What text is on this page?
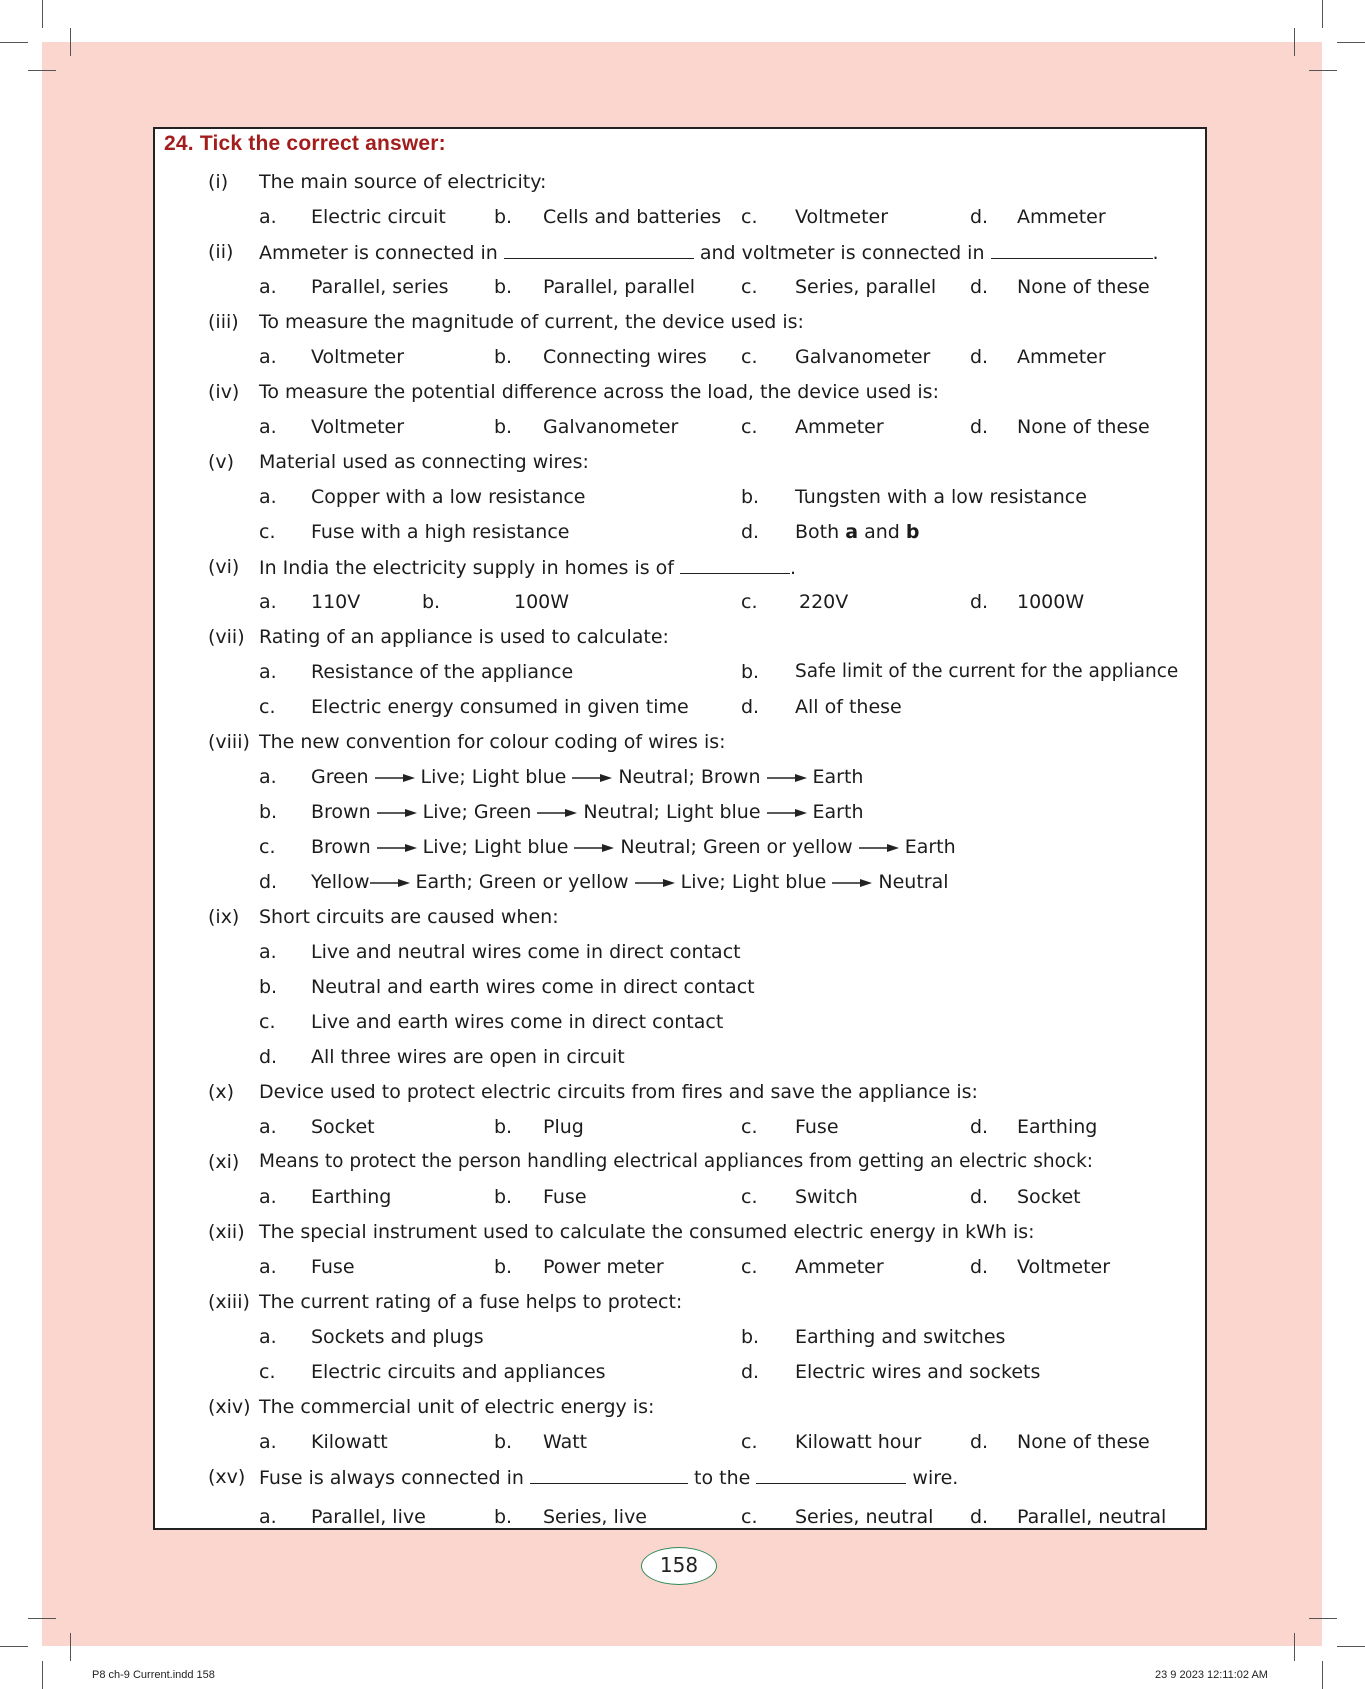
24. Tick the correct answer:
(i) The main source of electricity:
a. Electric circuit	b. Cells and batteries c. Voltmeter	d. Ammeter
(ii) Ammeter is connected in	and voltmeter is connected in	.
a. Parallel, series b. Parallel, parallel c. Series, parallel d. None of these
(iii) To measure the magnitude of current, the device used is:
a. Voltmeter	b. Connecting wires c. Galvanometer d. Ammeter
(iv) To measure the potential difference across the load, the device used is:
a. Voltmeter	b. Galvanometer	c. Ammeter	d. None of these
(v) Material used as connecting wires:
a. Copper with a low resistance	b. Tungsten with a low resistance
c. Fuse with a high resistance	d. Both a and b
(vi) In India the electricity supply in homes is of	.
a. 110V	b.	100W	c. 220V	d. 1000W
(vii) Rating of an appliance is used to calculate:
a. Resistance of the appliance	b. Safe limit of the current for the appliance
c. Electric energy consumed in given time	d. All of these
(viii) The new convention for colour coding of wires is:
a. Green	Live; Light blue	Neutral; Brown	Earth
b. Brown	Live; Green	Neutral; Light blue	Earth
c. Brown	Live; Light blue	Neutral; Green or yellow	Earth
d. Yellow Earth; Green or yellow	Live; Light blue	Neutral
(ix) Short circuits are caused when:
a. Live and neutral wires come in direct contact
b. Neutral and earth wires come in direct contact
c. Live and earth wires come in direct contact
d. All three wires are open in circuit
(x) Device used to protect electric circuits from fires and save the appliance is:
a. Socket	b. Plug	c. Fuse	d. Earthing
(xi) Means to protect the person handling electrical appliances from getting an electric shock:
a. Earthing	b. Fuse	c. Switch	d. Socket
(xii) The special instrument used to calculate the consumed electric energy in kWh is:
a. Fuse	b. Power meter	c. Ammeter	d. Voltmeter
(xiii) The current rating of a fuse helps to protect:
a. Sockets and plugs	b. Earthing and switches
c. Electric circuits and appliances	d. Electric wires and sockets
(xiv) The commercial unit of electric energy is:
a. Kilowatt	b. Watt	c. Kilowatt hour	d. None of these
(xv) Fuse is always connected in	to the	wire.
a. Parallel, live	b. Series, live	c. Series, neutral d. Parallel, neutral
158
P8 ch-9 Current.indd 158	23 9 2023 12:11:02 AM
